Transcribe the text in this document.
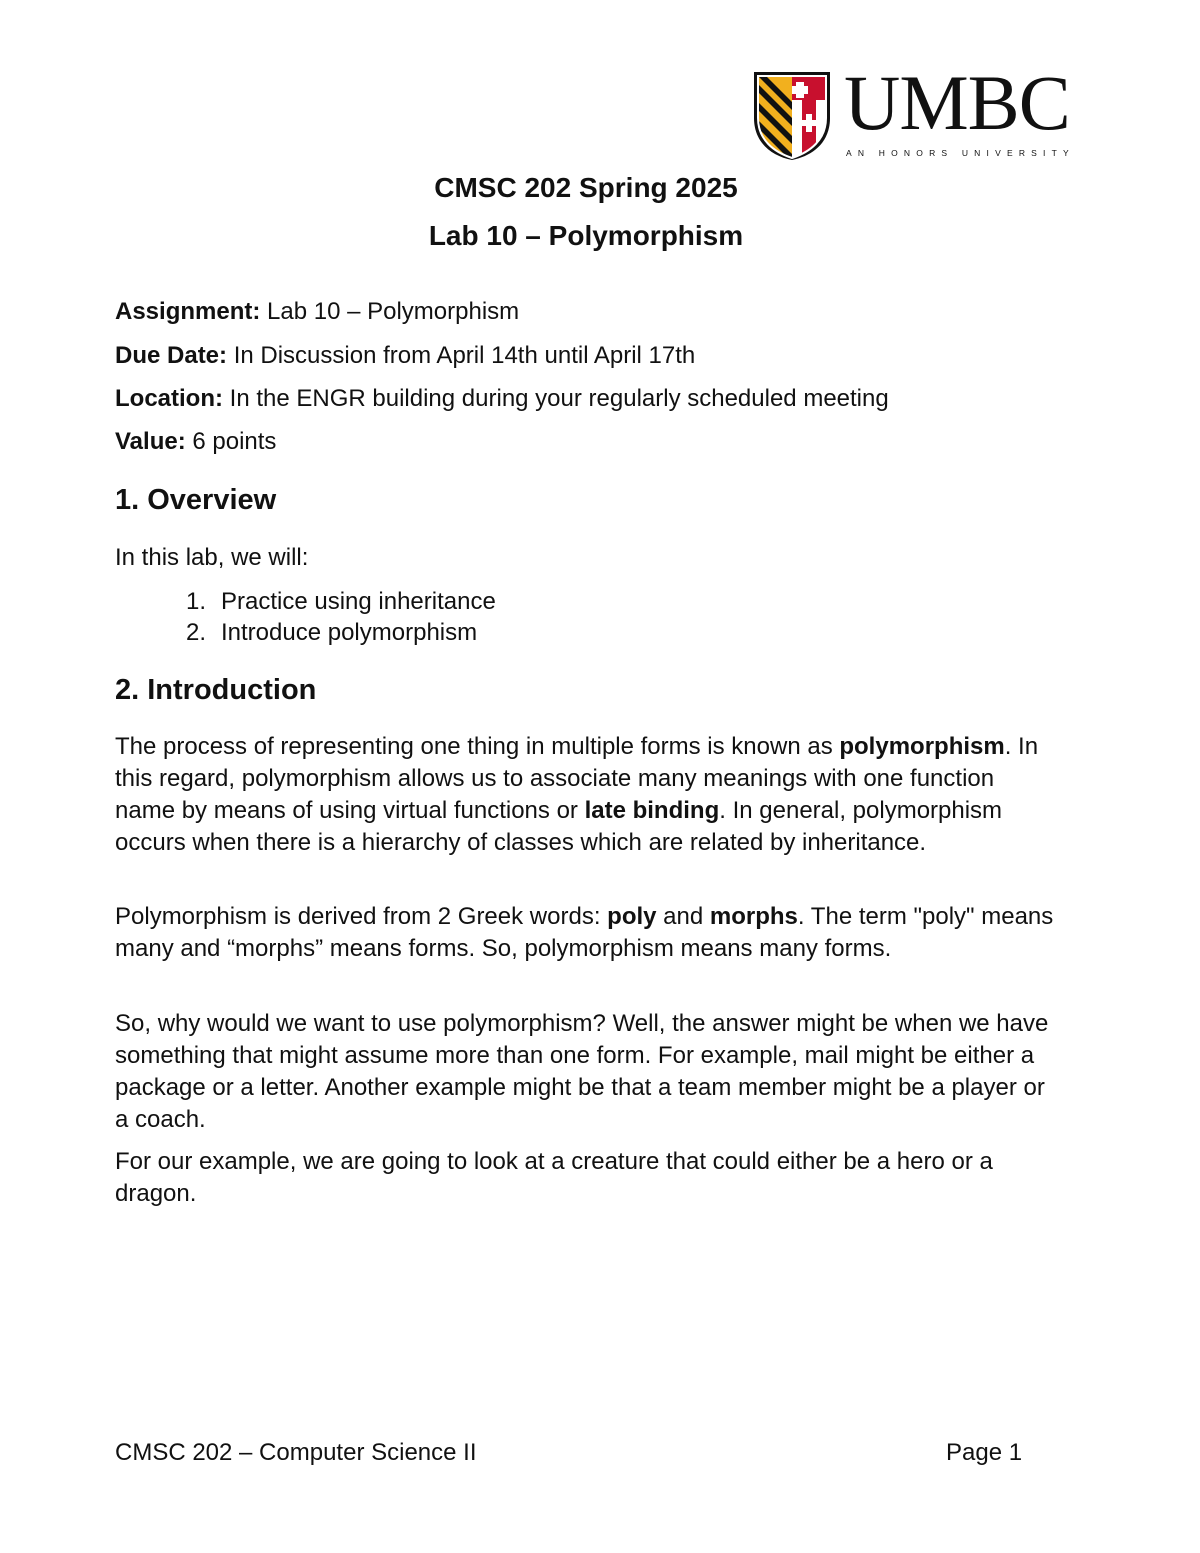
UMBC
AN HONORS UNIVERSITY
CMSC 202 Spring 2025
Lab 10 – Polymorphism
Assignment: Lab 10 – Polymorphism
Due Date: In Discussion from April 14th until April 17th
Location: In the ENGR building during your regularly scheduled meeting
Value: 6 points
1. Overview
In this lab, we will:
1. Practice using inheritance
2. Introduce polymorphism
2. Introduction
The process of representing one thing in multiple forms is known as polymorphism. In this regard, polymorphism allows us to associate many meanings with one function name by means of using virtual functions or late binding. In general, polymorphism occurs when there is a hierarchy of classes which are related by inheritance.
Polymorphism is derived from 2 Greek words: poly and morphs. The term "poly" means many and “morphs” means forms. So, polymorphism means many forms.
So, why would we want to use polymorphism? Well, the answer might be when we have something that might assume more than one form. For example, mail might be either a package or a letter. Another example might be that a team member might be a player or a coach.
For our example, we are going to look at a creature that could either be a hero or a dragon.
CMSC 202 – Computer Science II	Page 1
